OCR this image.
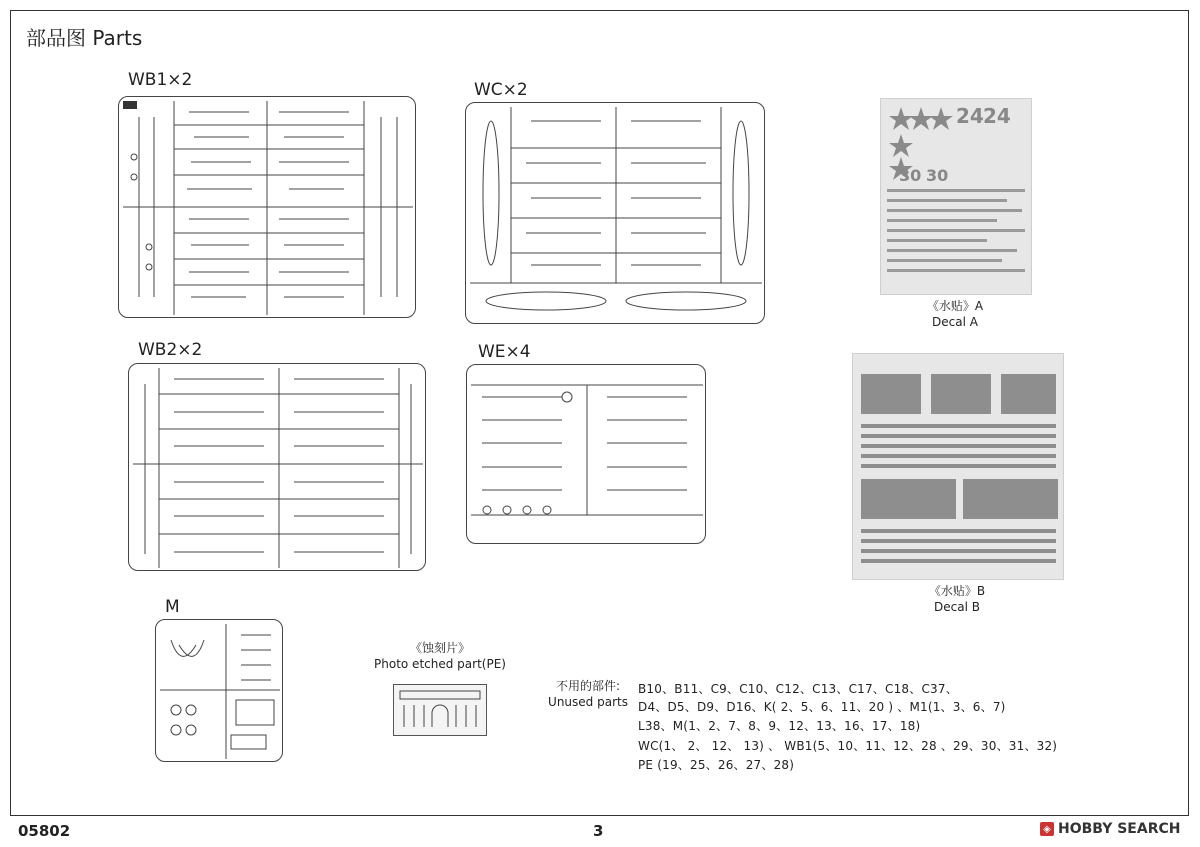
部品图 Parts
WB1×2	WC×2
24 24
30 30
《水贴》A
Decal A
WB2×2	WE×4
《水贴》B
Decal B
M
《蚀刻片》
Photo etched part(PE)
不用的部件:
Unused parts
B10、B11、C9、C10、C12、C13、C17、C18、C37、
D4、D5、D9、D16、K( 2、5、6、11、20 ) 、M1(1、3、6、7)
L38、M(1、2、7、8、9、12、13、16、17、18)
WC(1、 2、 12、 13) 、 WB1(5、10、11、12、28 、29、30、31、32)
PE (19、25、26、27、28)
05802	3	◈ HOBBY SEARCH
